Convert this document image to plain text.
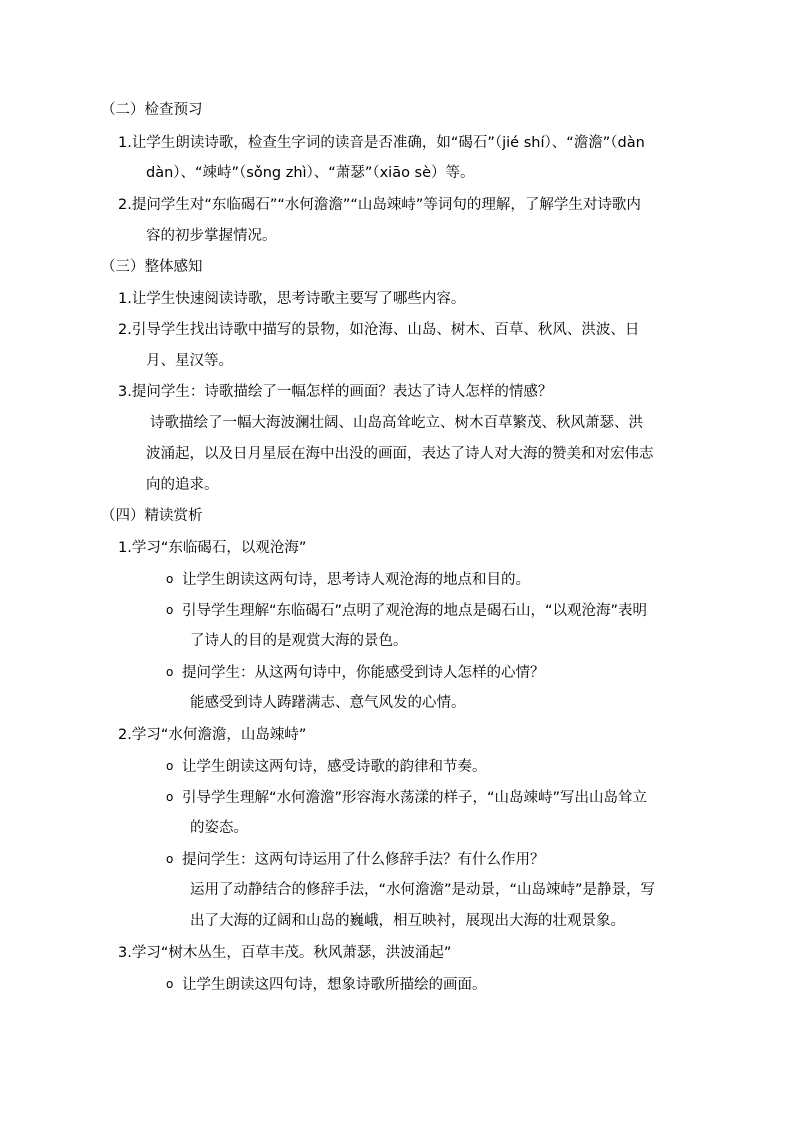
（二）检查预习
1.让学生朗读诗歌，检查生字词的读音是否准确，如“碣石”（jié shí）、“澹澹”（dàn
dàn）、“竦峙”（sǒng zhì）、“萧瑟”（xiāo sè）等。
2.提问学生对“东临碣石”“水何澹澹”“山岛竦峙”等词句的理解，了解学生对诗歌内
容的初步掌握情况。
（三）整体感知
1.让学生快速阅读诗歌，思考诗歌主要写了哪些内容。
2.引导学生找出诗歌中描写的景物，如沧海、山岛、树木、百草、秋风、洪波、日
月、星汉等。
3.提问学生：诗歌描绘了一幅怎样的画面？表达了诗人怎样的情感？
诗歌描绘了一幅大海波澜壮阔、山岛高耸屹立、树木百草繁茂、秋风萧瑟、洪
波涌起，以及日月星辰在海中出没的画面，表达了诗人对大海的赞美和对宏伟志
向的追求。
（四）精读赏析
1.学习“东临碣石，以观沧海”
o 让学生朗读这两句诗，思考诗人观沧海的地点和目的。
o 引导学生理解“东临碣石”点明了观沧海的地点是碣石山，“以观沧海”表明
了诗人的目的是观赏大海的景色。
o 提问学生：从这两句诗中，你能感受到诗人怎样的心情？
能感受到诗人踌躇满志、意气风发的心情。
2.学习“水何澹澹，山岛竦峙”
o 让学生朗读这两句诗，感受诗歌的韵律和节奏。
o 引导学生理解“水何澹澹”形容海水荡漾的样子，“山岛竦峙”写出山岛耸立
的姿态。
o 提问学生：这两句诗运用了什么修辞手法？有什么作用？
运用了动静结合的修辞手法，“水何澹澹”是动景，“山岛竦峙”是静景，写
出了大海的辽阔和山岛的巍峨，相互映衬，展现出大海的壮观景象。
3.学习“树木丛生，百草丰茂。秋风萧瑟，洪波涌起”
o 让学生朗读这四句诗，想象诗歌所描绘的画面。
